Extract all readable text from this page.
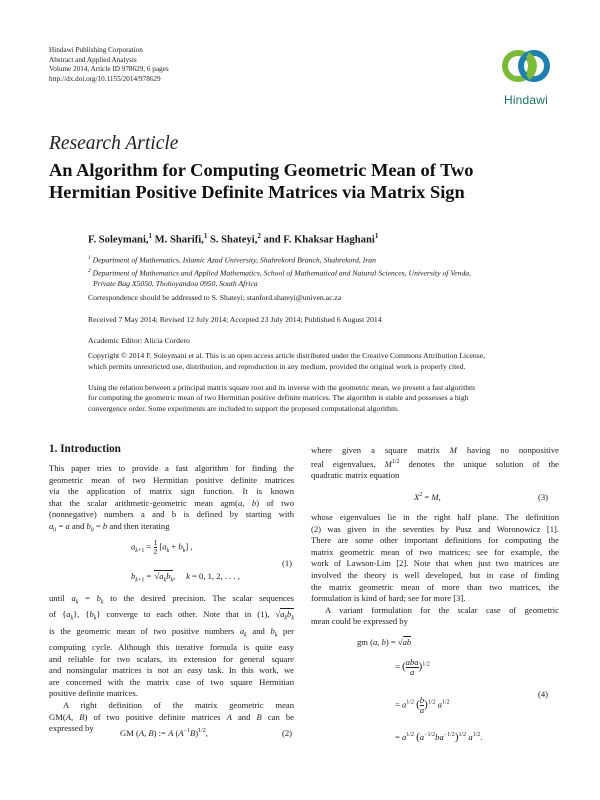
Hindawi Publishing Corporation
Abstract and Applied Analysis
Volume 2014, Article ID 978629, 6 pages
http://dx.doi.org/10.1155/2014/978629
Hindawi
Research Article
An Algorithm for Computing Geometric Mean of Two
Hermitian Positive Definite Matrices via Matrix Sign
F. Soleymani,$^1$ M. Sharifi,$^1$ S. Shateyi,$^2$ and F. Khaksar Haghani$^1$
$^1$ Department of Mathematics, Islamic Azad University, Shahrekord Branch, Shahrekord, Iran
$^2$ Department of Mathematics and Applied Mathematics, School of Mathematical and Natural Sciences, University of Venda,
Private Bag X5050, Thohoyandou 0950, South Africa
Correspondence should be addressed to S. Shateyi; stanford.shateyi@univen.ac.za
Received 7 May 2014; Revised 12 July 2014; Accepted 23 July 2014; Published 6 August 2014
Academic Editor: Alicia Cordero
Copyright © 2014 F. Soleymani et al. This is an open access article distributed under the Creative Commons Attribution License,
which permits unrestricted use, distribution, and reproduction in any medium, provided the original work is properly cited.
Using the relation between a principal matrix square root and its inverse with the geometric mean, we present a fast algorithm
for computing the geometric mean of two Hermitian positive definite matrices. The algorithm is stable and possesses a high
convergence order. Some experiments are included to support the proposed computational algorithm.
1. Introduction
This paper tries to provide a fast algorithm for finding the
geometric mean of two Hermitian positive definite matrices
via the application of matrix sign function. It is known
that the scalar arithmetic-geometric mean agm(a, b) of two
(nonnegative) numbers a and b is defined by starting with
$a_0 = a$ and $b_0 = b$ and then iterating
$a_{k+1} = \frac{1}{2} [a_k + b_k]$ ,
(1)
$b_{k+1} = √a_kb_k$,     k = 0, 1, 2, . . . ,
until $a_k = b_k$ to the desired precision. The scalar sequences
of $\{a_k\}$, $\{b_k\}$ converge to each other. Note that in (1), $√a_kb_k$
is the geometric mean of two positive numbers $a_k$ and $b_k$ per
computing cycle. Although this iterative formula is quite easy
and reliable for two scalars, its extension for general square
and nonsingular matrices is not an easy task. In this work, we
are concerned with the matrix case of two square Hermitian
positive definite matrices.
A right definition of the matrix geometric mean
GM(A, B) of two positive definite matrices A and B can be
expressed by	GM (A, B) := A $(A^{-1}B)^{1/2}$,	(2)
where given a square matrix M having no nonpositive
real eigenvalues, $M^{1/2}$ denotes the unique solution of the
quadratic matrix equation
$X^2 = M$,	(3)
whose eigenvalues lie in the right half plane. The definition
(2) was given in the seventies by Pusz and Woronowicz [1].
There are some other important definitions for computing the
matrix geometric mean of two matrices; see for example, the
work of Lawson-Lim [2]. Note that when just two matrices are
involved the theory is well developed, but in case of finding
the matrix geometric mean of more than two matrices, the
formulation is kind of hard; see for more [3].
A variant formulation for the scalar case of geometric
mean could be expressed by
gm (a, b) = √ab
= ( aba
a )$^{1/2}$
(4)
= $a^{1/2}$ ( $\frac{b}{a} )^{1/2}$ $a^{1/2}$
= $a^{1/2}$ $(a^{-1/2}ba^{-1/2})^{1/2}$ $a^{1/2}$.
